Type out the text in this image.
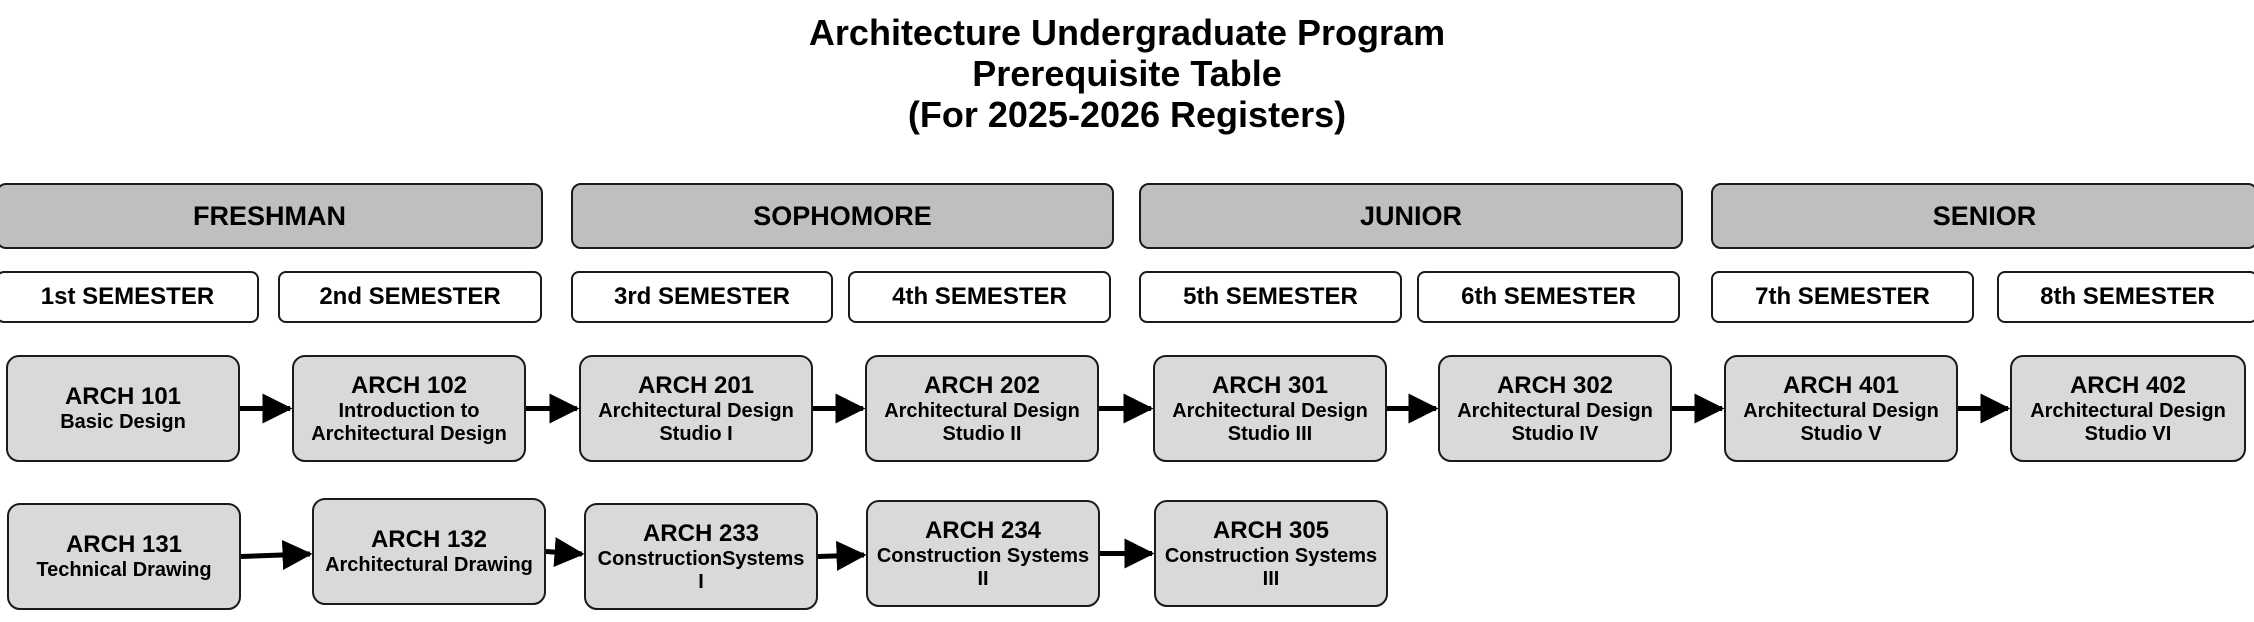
Architecture Undergraduate Program
Prerequisite Table
(For 2025-2026 Registers)
FRESHMAN	SOPHOMORE	JUNIOR	SENIOR
1st SEMESTER	2nd SEMESTER	3rd SEMESTER	4th SEMESTER	5th SEMESTER	6th SEMESTER	7th SEMESTER	8th SEMESTER
ARCH 101
Basic Design
ARCH 102
Introduction to
Architectural Design
ARCH 201
Architectural Design
Studio I
ARCH 202
Architectural Design
Studio II
ARCH 301
Architectural Design
Studio III
ARCH 302
Architectural Design
Studio IV
ARCH 401
Architectural Design
Studio V
ARCH 402
Architectural Design
Studio VI
ARCH 131
Technical Drawing
ARCH 132
Architectural Drawing
ARCH 233
ConstructionSystems
I
ARCH 234
Construction Systems
II
ARCH 305
Construction Systems
III
